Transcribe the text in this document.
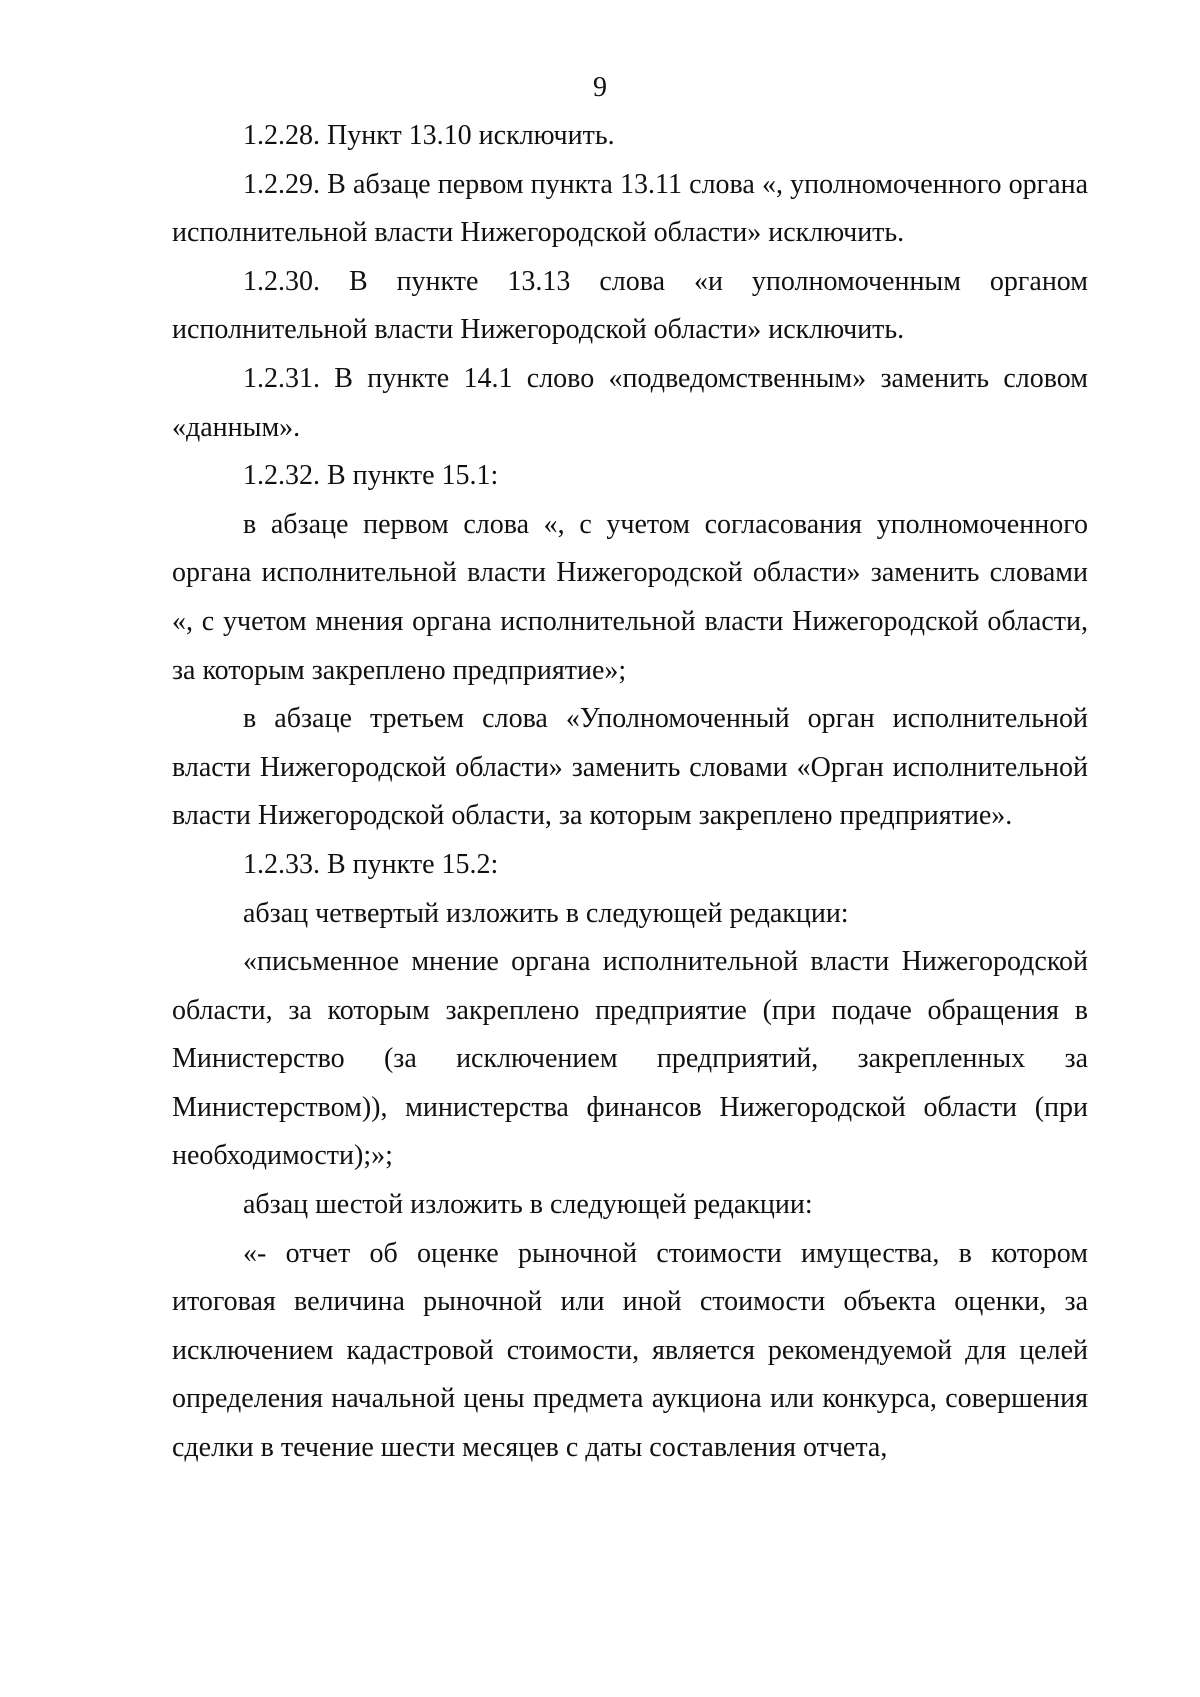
9

1.2.28. Пункт 13.10 исключить.

1.2.29. В абзаце первом пункта 13.11 слова «, уполномоченного органа исполнительной власти Нижегородской области» исключить.

1.2.30. В пункте 13.13 слова «и уполномоченным органом исполнительной власти Нижегородской области» исключить.

1.2.31. В пункте 14.1 слово «подведомственным» заменить словом «данным».

1.2.32. В пункте 15.1:

в абзаце первом слова «, с учетом согласования уполномоченного органа исполнительной власти Нижегородской области» заменить словами «, с учетом мнения органа исполнительной власти Нижегородской области, за которым закреплено предприятие»;

в абзаце третьем слова «Уполномоченный орган исполнительной власти Нижегородской области» заменить словами «Орган исполнительной власти Нижегородской области, за которым закреплено предприятие».

1.2.33. В пункте 15.2:

абзац четвертый изложить в следующей редакции:

«письменное мнение органа исполнительной власти Нижегородской области, за которым закреплено предприятие (при подаче обращения в Министерство (за исключением предприятий, закрепленных за Министерством)), министерства финансов Нижегородской области (при необходимости);»;

абзац шестой изложить в следующей редакции:

«- отчет об оценке рыночной стоимости имущества, в котором итоговая величина рыночной или иной стоимости объекта оценки, за исключением кадастровой стоимости, является рекомендуемой для целей определения начальной цены предмета аукциона или конкурса, совершения сделки в течение шести месяцев с даты составления отчета,
